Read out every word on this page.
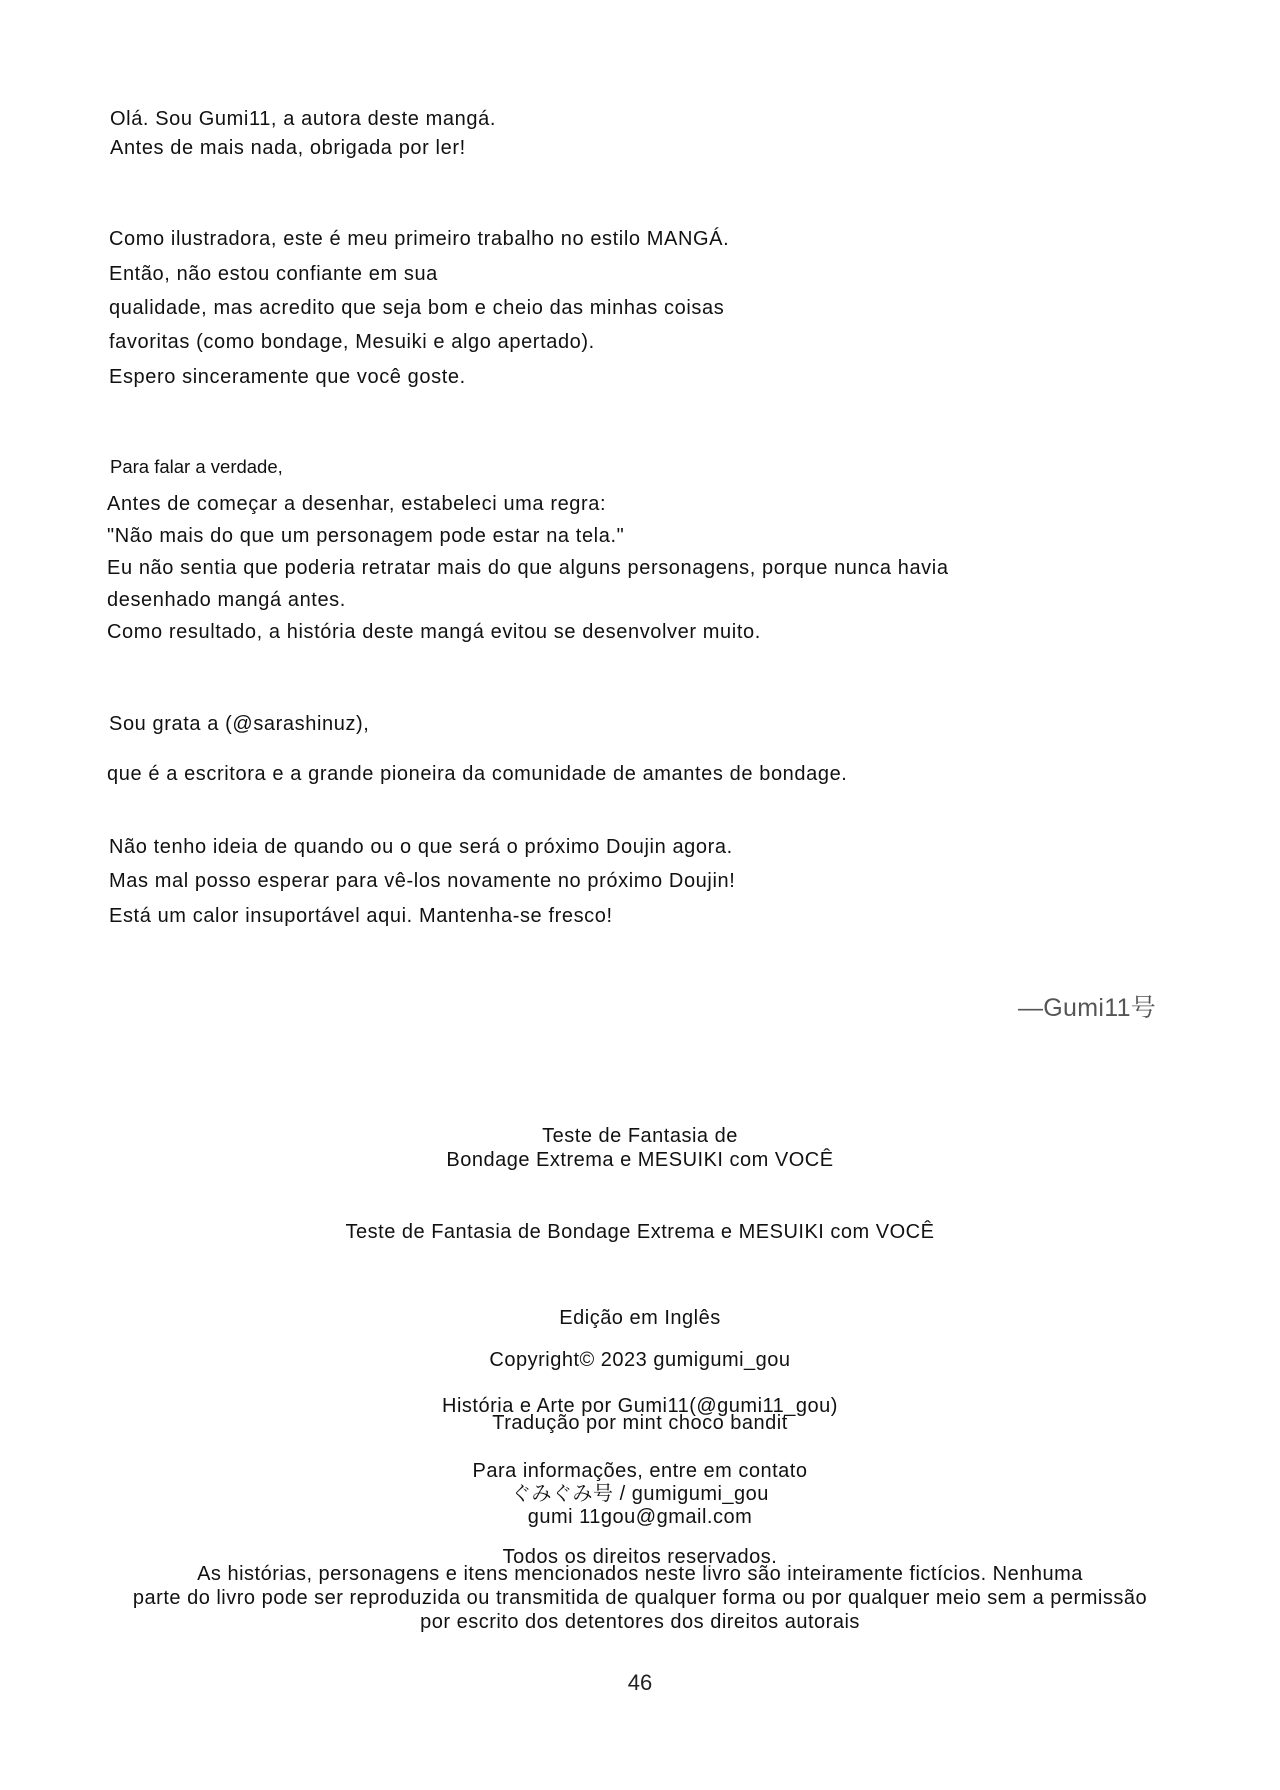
Olá. Sou Gumi11, a autora deste mangá.
Antes de mais nada, obrigada por ler!
Como ilustradora, este é meu primeiro trabalho no estilo MANGÁ.
Então, não estou confiante em sua
qualidade, mas acredito que seja bom e cheio das minhas coisas
favoritas (como bondage, Mesuiki e algo apertado).
Espero sinceramente que você goste.
Para falar a verdade,
Antes de começar a desenhar, estabeleci uma regra:
"Não mais do que um personagem pode estar na tela."
Eu não sentia que poderia retratar mais do que alguns personagens, porque nunca havia
desenhado mangá antes.
Como resultado, a história deste mangá evitou se desenvolver muito.
Sou grata a (@sarashinuz),
que é a escritora e a grande pioneira da comunidade de amantes de bondage.
Não tenho ideia de quando ou o que será o próximo Doujin agora.
Mas mal posso esperar para vê-los novamente no próximo Doujin!
Está um calor insuportável aqui. Mantenha-se fresco!
—Gumi11号
Teste de Fantasia de
Bondage Extrema e MESUIKI com VOCÊ
Teste de Fantasia de Bondage Extrema e MESUIKI com VOCÊ
Edição em Inglês
Copyright© 2023 gumigumi_gou
História e Arte por Gumi11(@gumi11_gou)
Tradução por mint choco bandit
Para informações, entre em contato
ぐみぐみ号 / gumigumi_gou
gumi 11gou@gmail.com
Todos os direitos reservados.
As histórias, personagens e itens mencionados neste livro são inteiramente fictícios. Nenhuma
parte do livro pode ser reproduzida ou transmitida de qualquer forma ou por qualquer meio sem a permissão
por escrito dos detentores dos direitos autorais
46
